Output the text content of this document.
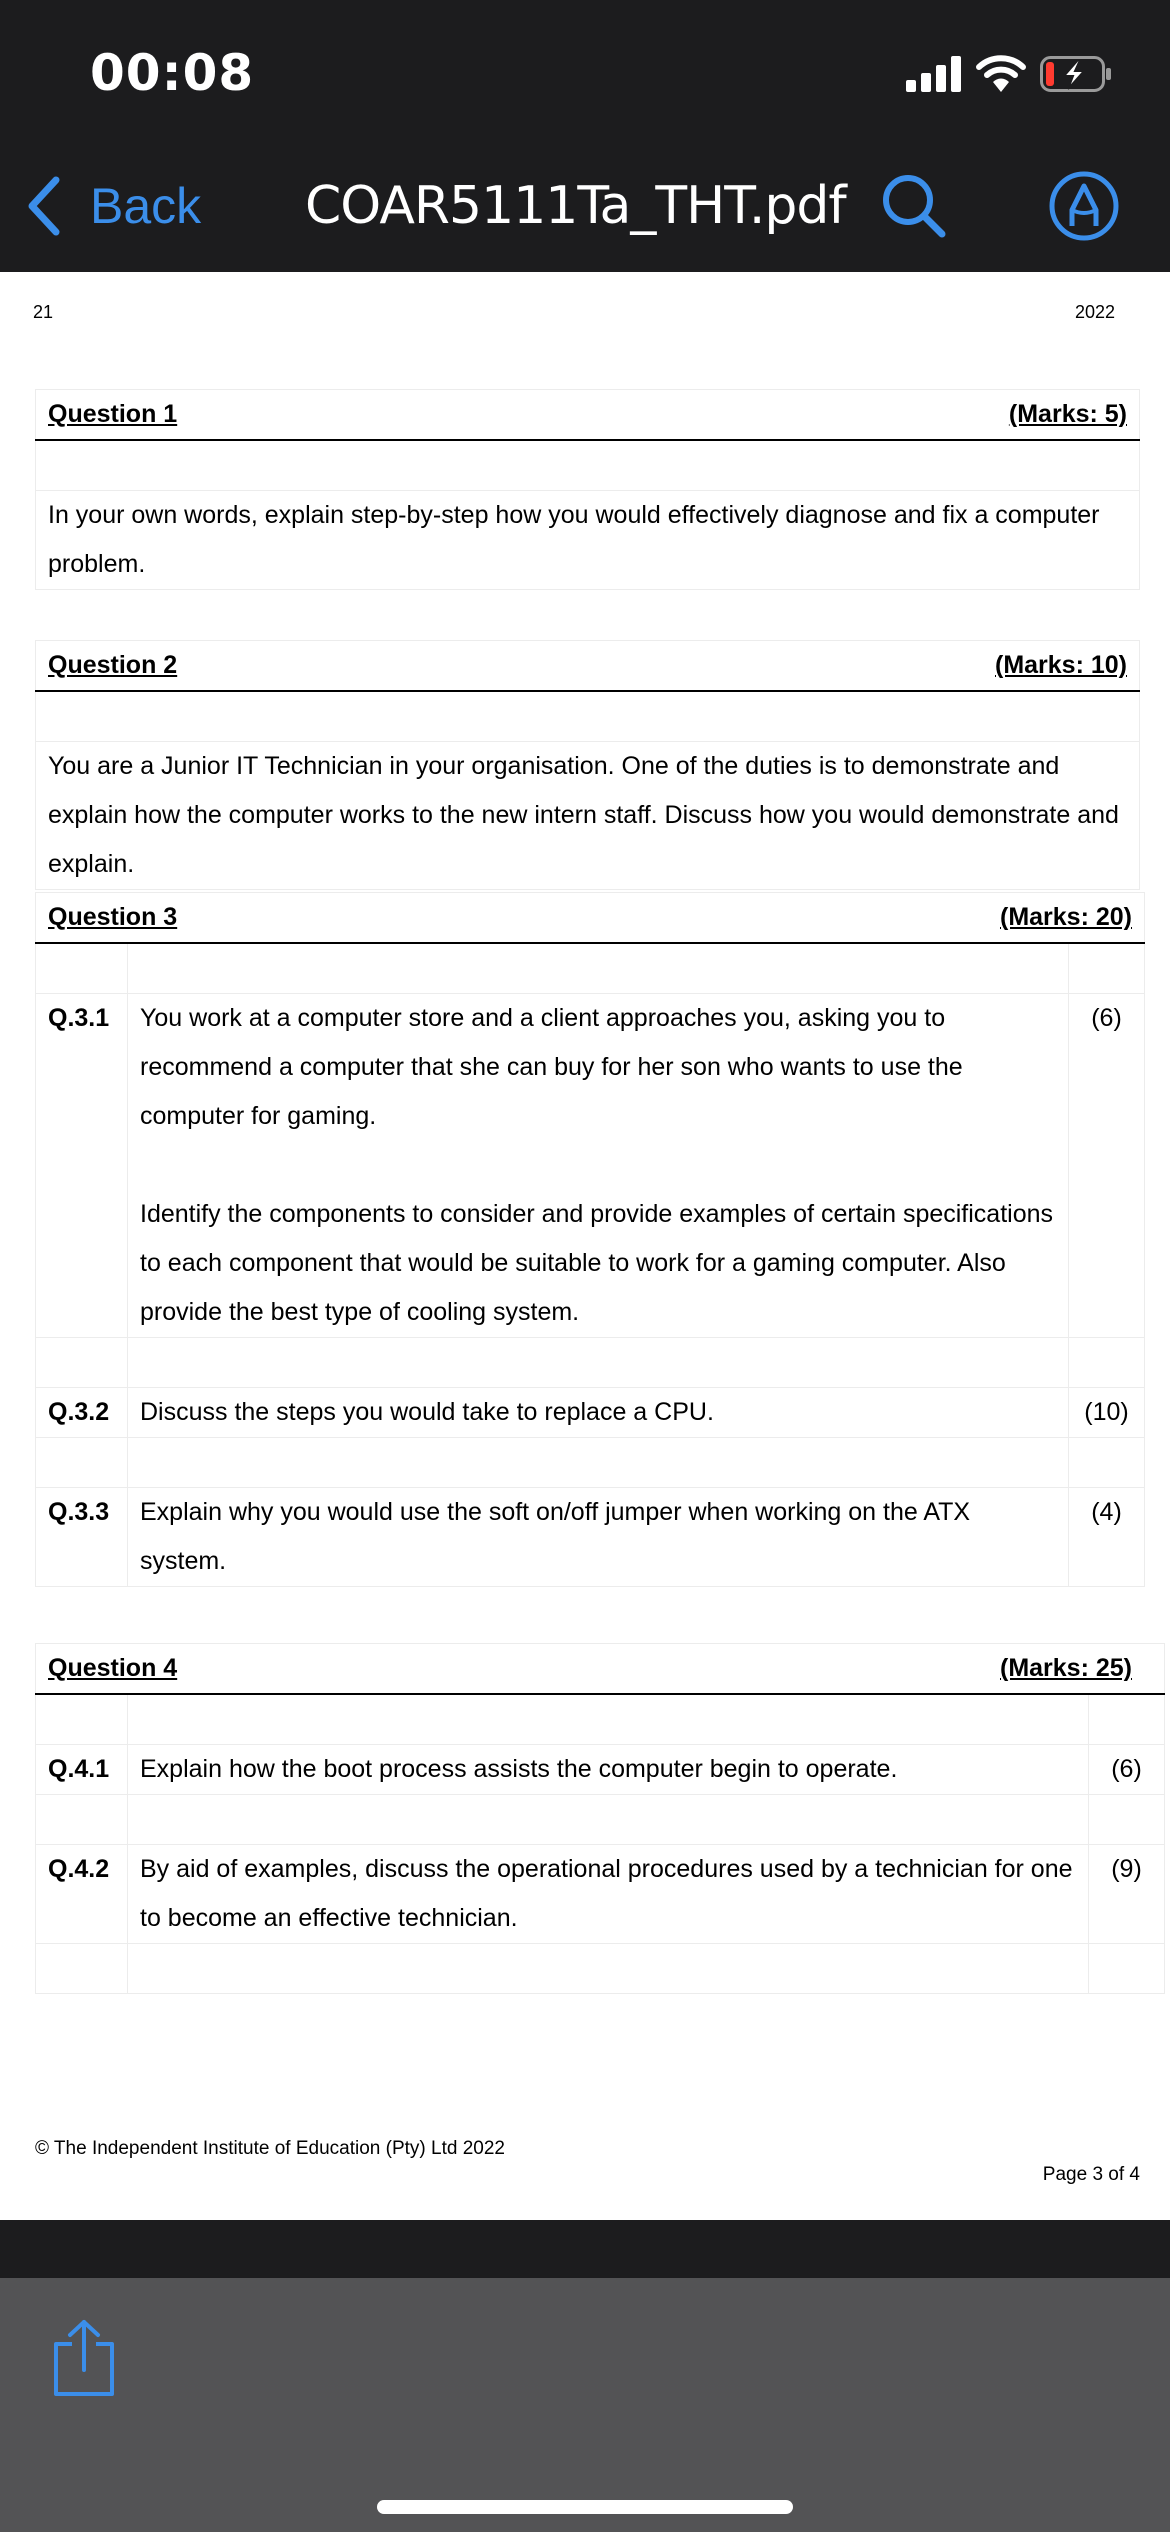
00:08
Back COAR5111Ta_THT.pdf
21	2022
Question 1	(Marks: 5)

In your own words, explain step-by-step how you would effectively diagnose and fix a computer problem.
Question 2	(Marks: 10)

You are a Junior IT Technician in your organisation. One of the duties is to demonstrate and explain how the computer works to the new intern staff. Discuss how you would demonstrate and explain.
Question 3 (Marks: 20)		

Q.3.1	You work at a computer store and a client approaches you, asking you to recommend a computer that she can buy for her son who wants to use the computer for gaming.
Identify the components to consider and provide examples of certain specifications to each component that would be suitable to work for a gaming computer. Also provide the best type of cooling system.	(6)

Q.3.2	Discuss the steps you would take to replace a CPU.	(10)

Q.3.3	Explain why you would use the soft on/off jumper when working on the ATX system.	(4)
Question 4 (Marks: 25)		

Q.4.1	Explain how the boot process assists the computer begin to operate.	(6)

Q.4.2	By aid of examples, discuss the operational procedures used by a technician for one to become an effective technician.	(9)

© The Independent Institute of Education (Pty) Ltd 2022
Page 3 of 4
